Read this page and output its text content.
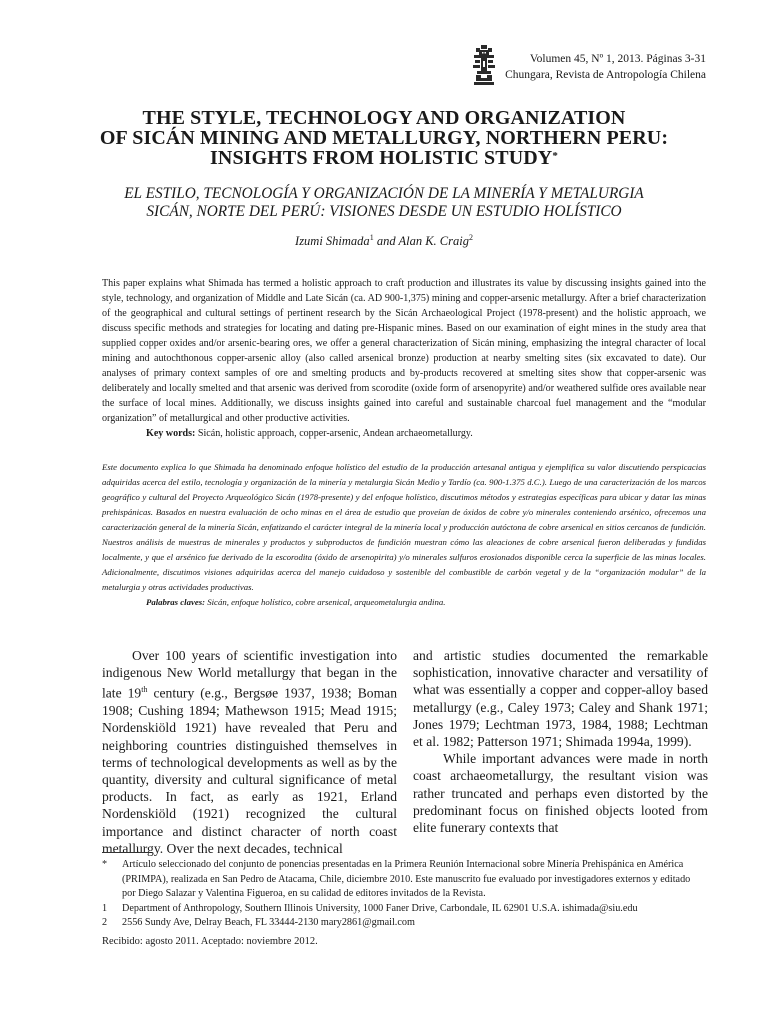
Volumen 45, Nº 1, 2013. Páginas 3-31
Chungara, Revista de Antropología Chilena
THE STYLE, TECHNOLOGY AND ORGANIZATION
OF SICÁN MINING AND METALLURGY, NORTHERN PERU:
INSIGHTS FROM HOLISTIC STUDY*
EL ESTILO, TECNOLOGÍA Y ORGANIZACIÓN DE LA MINERÍA Y METALURGIA
SICÁN, NORTE DEL PERÚ: VISIONES DESDE UN ESTUDIO HOLÍSTICO
Izumi Shimada$^1$ and Alan K. Craig$^2$

This paper explains what Shimada has termed a holistic approach to craft production and illustrates its value by discussing insights gained into the style, technology, and organization of Middle and Late Sicán (ca. AD 900-1,375) mining and copper-arsenic metallurgy. After a brief characterization of the geographical and cultural settings of pertinent research by the Sicán Archaeological Project (1978-present) and the holistic approach, we discuss specific methods and strategies for locating and dating pre-Hispanic mines. Based on our examination of eight mines in the study area that supplied copper oxides and/or arsenic-bearing ores, we offer a general characterization of Sicán mining, emphasizing the integral character of local mining and autochthonous copper-arsenic alloy (also called arsenical bronze) production at nearby smelting sites (six excavated to date). Our analyses of primary context samples of ore and smelting products and by-products recovered at smelting sites show that copper-arsenic was deliberately and locally smelted and that arsenic was derived from scorodite (oxide form of arsenopyrite) and/or weathered sulfide ores available near the surface of local mines. Additionally, we discuss insights gained into careful and sustainable charcoal fuel management and the “modular organization” of metallurgical and other productive activities.

Key words: Sicán, holistic approach, copper-arsenic, Andean archaeometallurgy.

Este documento explica lo que Shimada ha denominado enfoque holístico del estudio de la producción artesanal antigua y ejemplifica su valor discutiendo perspicacias adquiridas acerca del estilo, tecnología y organización de la minería y metalurgia Sicán Medio y Tardío (ca. 900-1.375 d.C.). Luego de una caracterización de los marcos geográfico y cultural del Proyecto Arqueológico Sicán (1978-presente) y del enfoque holístico, discutimos métodos y estrategias específicas para ubicar y datar las minas prehispánicas. Basados en nuestra evaluación de ocho minas en el área de estudio que proveían de óxidos de cobre y/o minerales conteniendo arsénico, ofrecemos una caracterización general de la minería Sicán, enfatizando el carácter integral de la minería local y producción autóctona de cobre arsenical en sitios cercanos de fundición. Nuestros análisis de muestras de minerales y productos y subproductos de fundición muestran cómo las aleaciones de cobre arsenical fueron deliberadas y fundidas localmente, y que el arsénico fue derivado de la escorodita (óxido de arsenopirita) y/o minerales sulfuros erosionados disponible cerca la superficie de las minas locales. Adicionalmente, discutimos visiones adquiridas acerca del manejo cuidadoso y sostenible del combustible de carbón vegetal y de la “organización modular” de la metalurgia y otras actividades productivas.

Palabras claves: Sicán, enfoque holístico, cobre arsenical, arqueometalurgia andina.

Over 100 years of scientific investigation into indigenous New World metallurgy that began in the late 19th century (e.g., Bergsøe 1937, 1938; Boman 1908; Cushing 1894; Mathewson 1915; Mead 1915; Nordenskiöld 1921) have revealed that Peru and neighboring countries distinguished themselves in terms of technological developments as well as by the quantity, diversity and cultural significance of metal products. In fact, as early as 1921, Erland Nordenskiöld (1921) recognized the cultural importance and distinct character of north coast metallurgy. Over the next decades, technical

and artistic studies documented the remarkable sophistication, innovative character and versatility of what was essentially a copper and copper-alloy based metallurgy (e.g., Caley 1973; Caley and Shank 1971; Jones 1979; Lechtman 1973, 1984, 1988; Lechtman et al. 1982; Patterson 1971; Shimada 1994a, 1999).

While important advances were made in north coast archaeometallurgy, the resultant vision was rather truncated and perhaps even distorted by the predominant focus on finished objects looted from elite funerary contexts that

*	Artículo seleccionado del conjunto de ponencias presentadas en la Primera Reunión Internacional sobre Minería Prehispánica en América (PRIMPA), realizada en San Pedro de Atacama, Chile, diciembre 2010. Este manuscrito fue evaluado por investigadores externos y editado por Diego Salazar y Valentina Figueroa, en su calidad de editores invitados de la Revista.
1	Department of Anthropology, Southern Illinois University, 1000 Faner Drive, Carbondale, IL 62901 U.S.A. ishimada@siu.edu
2	2556 Sundy Ave, Delray Beach, FL 33444-2130 mary2861@gmail.com
Recibido: agosto 2011. Aceptado: noviembre 2012.
